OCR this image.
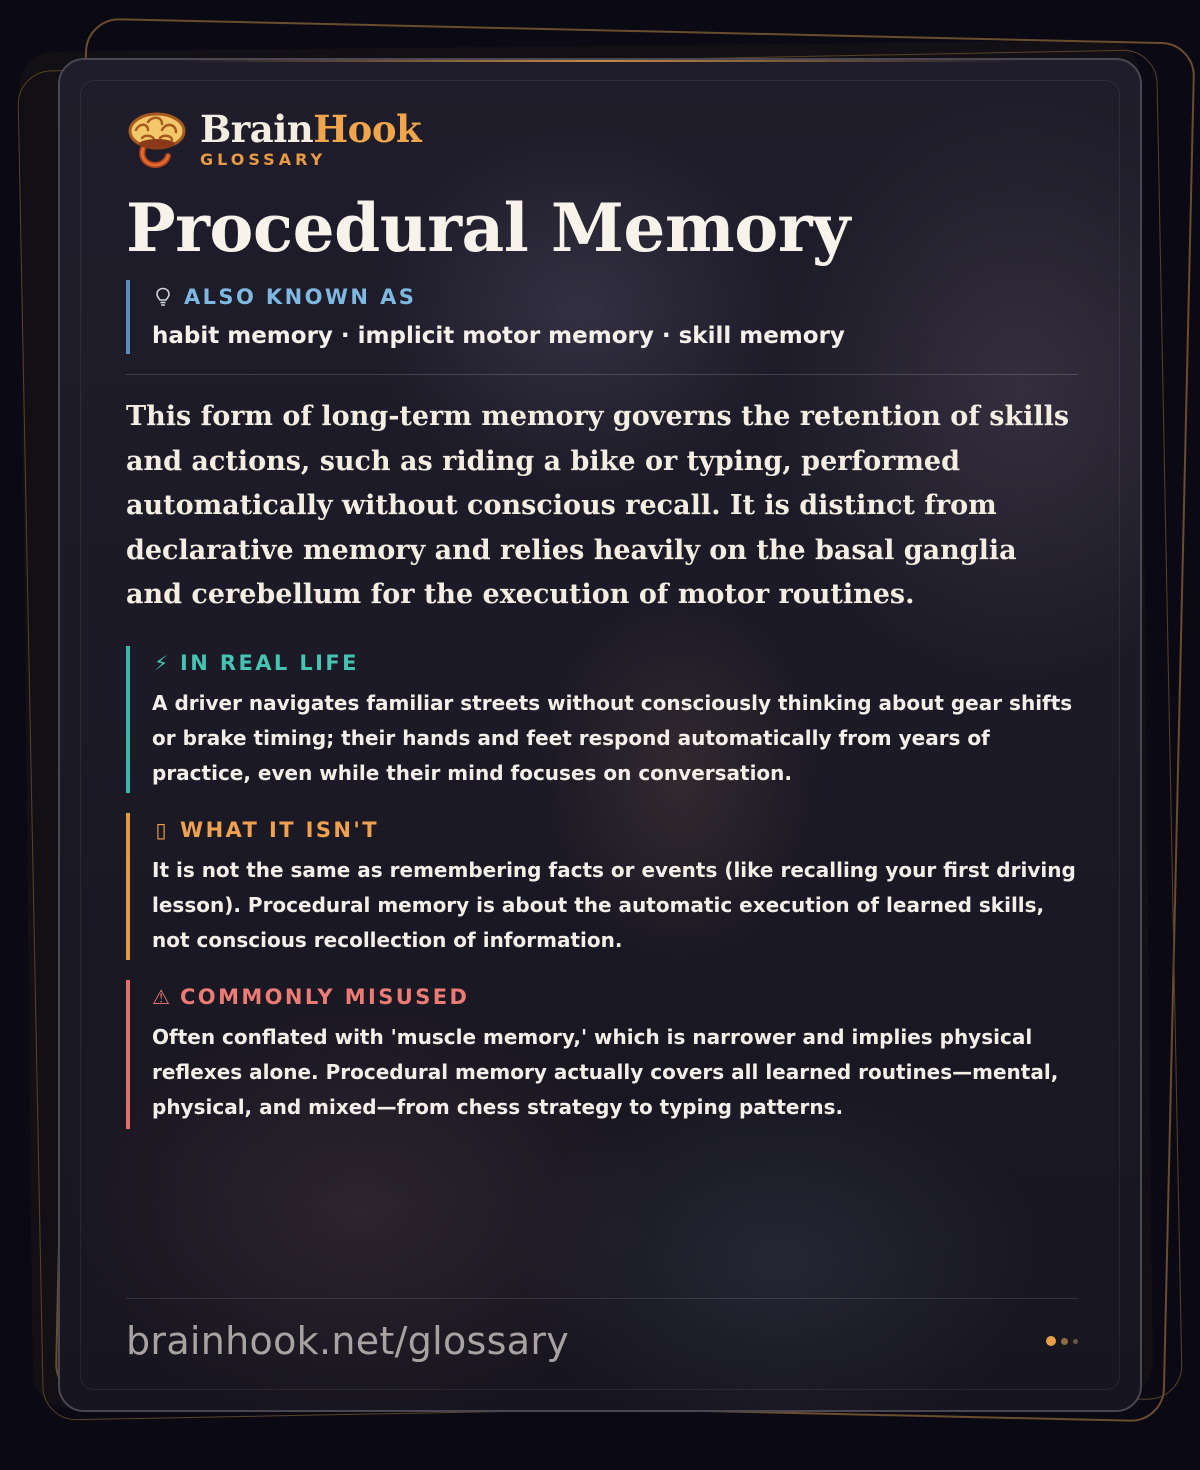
BrainHook
GLOSSARY
Procedural Memory
ALSO KNOWN AS
habit memory · implicit motor memory · skill memory

This form of long-term memory governs the retention of skills and actions, such as riding a bike or typing, performed automatically without conscious recall. It is distinct from declarative memory and relies heavily on the basal ganglia and cerebellum for the execution of motor routines.

⚡ IN REAL LIFE

A driver navigates familiar streets without consciously thinking about gear shifts or brake timing; their hands and feet respond automatically from years of practice, even while their mind focuses on conversation.

▯ WHAT IT ISN'T

It is not the same as remembering facts or events (like recalling your first driving lesson). Procedural memory is about the automatic execution of learned skills, not conscious recollection of information.

⚠ COMMONLY MISUSED

Often conflated with 'muscle memory,' which is narrower and implies physical reflexes alone. Procedural memory actually covers all learned routines—mental, physical, and mixed—from chess strategy to typing patterns.

brainhook.net/glossary
